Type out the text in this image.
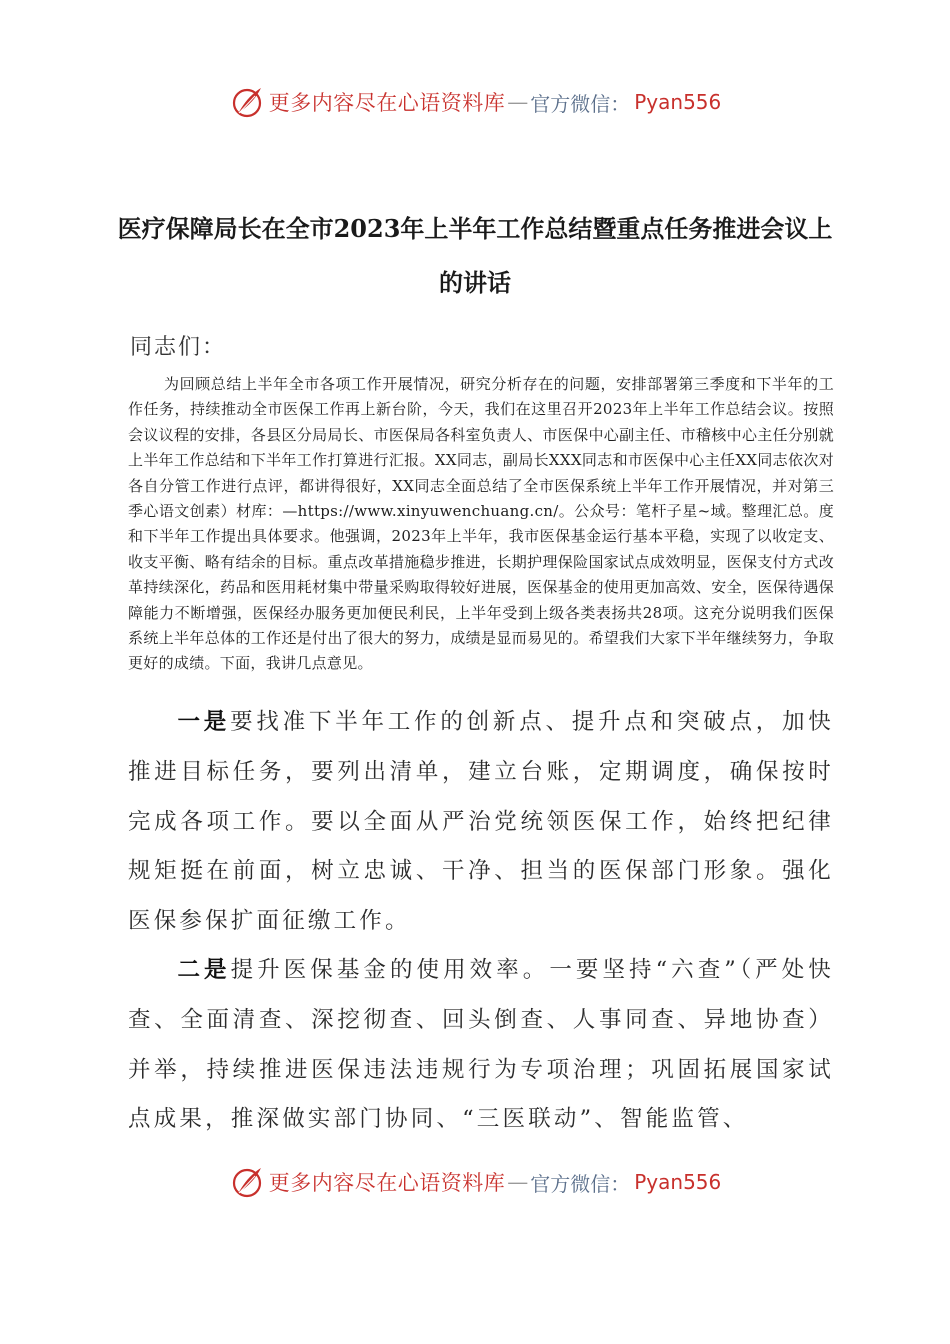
更多内容尽在心语资料库 — 官方微信： Pyan556
医疗保障局长在全市2023年上半年工作总结暨重点任务推进会议上的讲话
同志们：
为回顾总结上半年全市各项工作开展情况，研究分析存在的问题，安排部署第三季度和下半年的工作任务，持续推动全市医保工作再上新台阶，今天，我们在这里召开2023年上半年工作总结会议。按照会议议程的安排，各县区分局局长、市医保局各科室负责人、市医保中心副主任、市稽核中心主任分别就上半年工作总结和下半年工作打算进行汇报。XX同志，副局长XXX同志和市医保中心主任XX同志依次对各自分管工作进行点评，都讲得很好，XX同志全面总结了全市医保系统上半年工作开展情况，并对第三季心语文创素）材库：—https://www.xinyuwenchuang.cn/。公众号：笔杆子星~域。整理汇总。度和下半年工作提出具体要求。他强调，2023年上半年，我市医保基金运行基本平稳，实现了以收定支、收支平衡、略有结余的目标。重点改革措施稳步推进，长期护理保险国家试点成效明显，医保支付方式改革持续深化，药品和医用耗材集中带量采购取得较好进展，医保基金的使用更加高效、安全，医保待遇保障能力不断增强，医保经办服务更加便民利民，上半年受到上级各类表扬共28项。这充分说明我们医保系统上半年总体的工作还是付出了很大的努力，成绩是显而易见的。希望我们大家下半年继续努力，争取更好的成绩。下面，我讲几点意见。
一是要找准下半年工作的创新点、提升点和突破点，加快推进目标任务，要列出清单，建立台账，定期调度，确保按时完成各项工作。要以全面从严治党统领医保工作，始终把纪律规矩挺在前面，树立忠诚、干净、担当的医保部门形象。强化医保参保扩面征缴工作。
二是提升医保基金的使用效率。一要坚持“六查”（严处快查、全面清查、深挖彻查、回头倒查、人事同查、异地协查）并举，持续推进医保违法违规行为专项治理；巩固拓展国家试点成果，推深做实部门协同、“三医联动”、智能监管、
更多内容尽在心语资料库 — 官方微信： Pyan556
